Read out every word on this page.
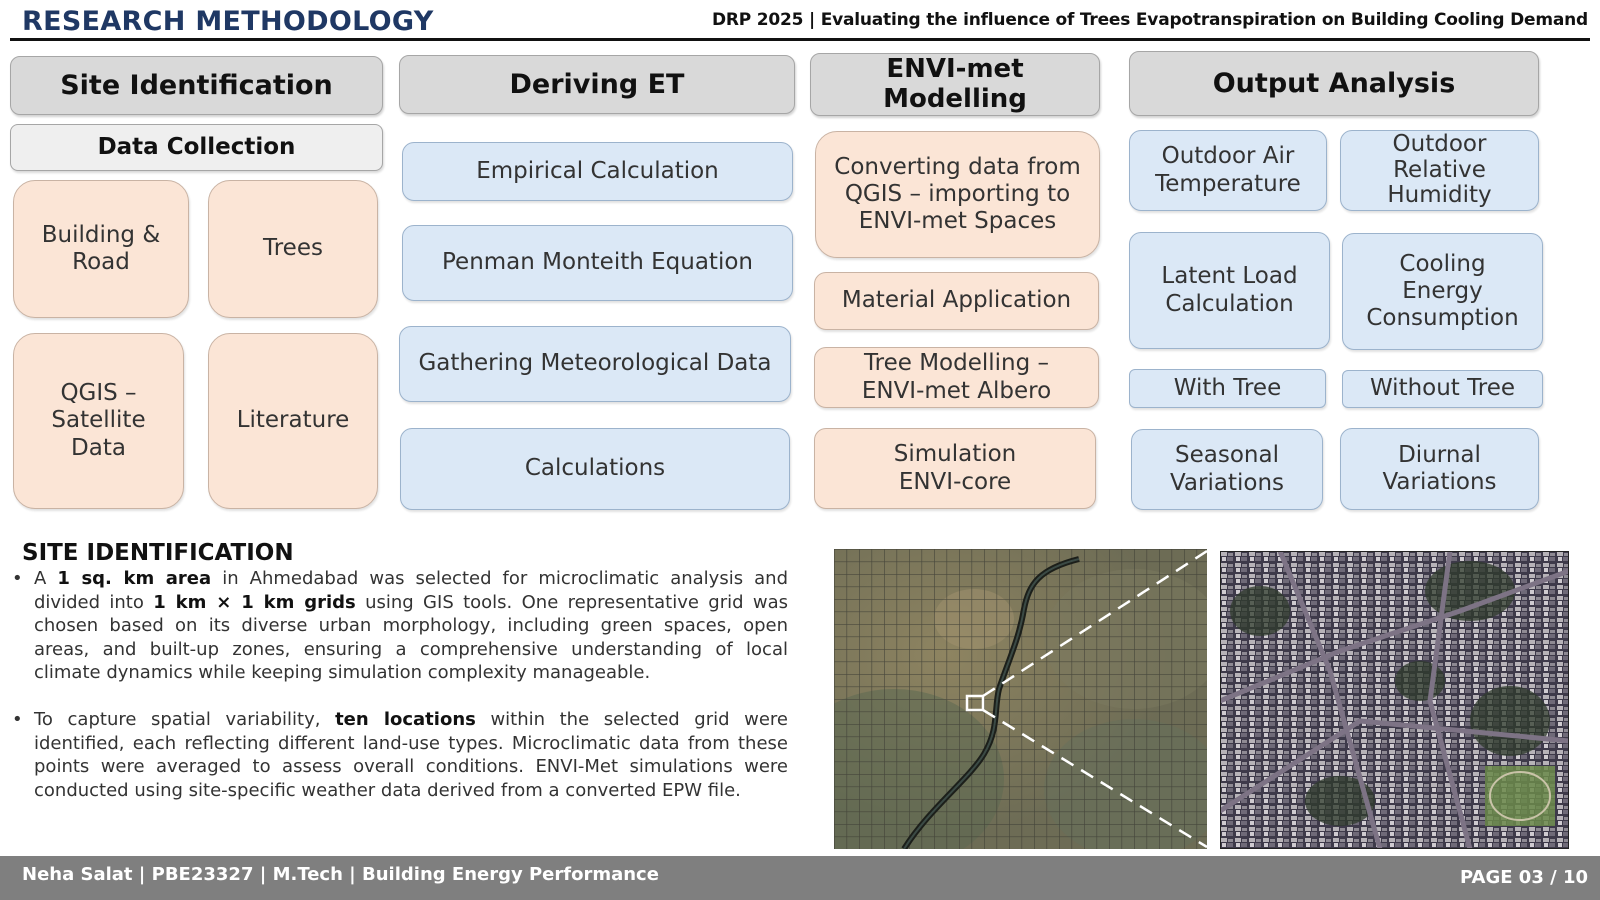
RESEARCH METHODOLOGY	DRP 2025 | Evaluating the influence of Trees Evapotranspiration on Building Cooling Demand
Site Identification
Data Collection
Building & Road
Trees
QGIS – Satellite Data
Literature
Deriving ET
Empirical Calculation
Penman Monteith Equation
Gathering Meteorological Data
Calculations
ENVI-met Modelling
Converting data from QGIS – importing to ENVI-met Spaces
Material Application
Tree Modelling – ENVI-met Albero
Simulation ENVI-core
Output Analysis
Outdoor Air Temperature
Outdoor Relative Humidity
Latent Load Calculation
Cooling Energy Consumption
With Tree	Without Tree
Seasonal Variations
Diurnal Variations
SITE IDENTIFICATION
• A 1 sq. km area in Ahmedabad was selected for microclimatic analysis and divided into 1 km × 1 km grids using GIS tools. One representative grid was chosen based on its diverse urban morphology, including green spaces, open areas, and built-up zones, ensuring a comprehensive understanding of local climate dynamics while keeping simulation complexity manageable.
• To capture spatial variability, ten locations within the selected grid were identified, each reflecting different land-use types. Microclimatic data from these points were averaged to assess overall conditions. ENVI-Met simulations were conducted using site-specific weather data derived from a converted EPW file.
Neha Salat | PBE23327 | M.Tech | Building Energy Performance	PAGE 03 / 10
